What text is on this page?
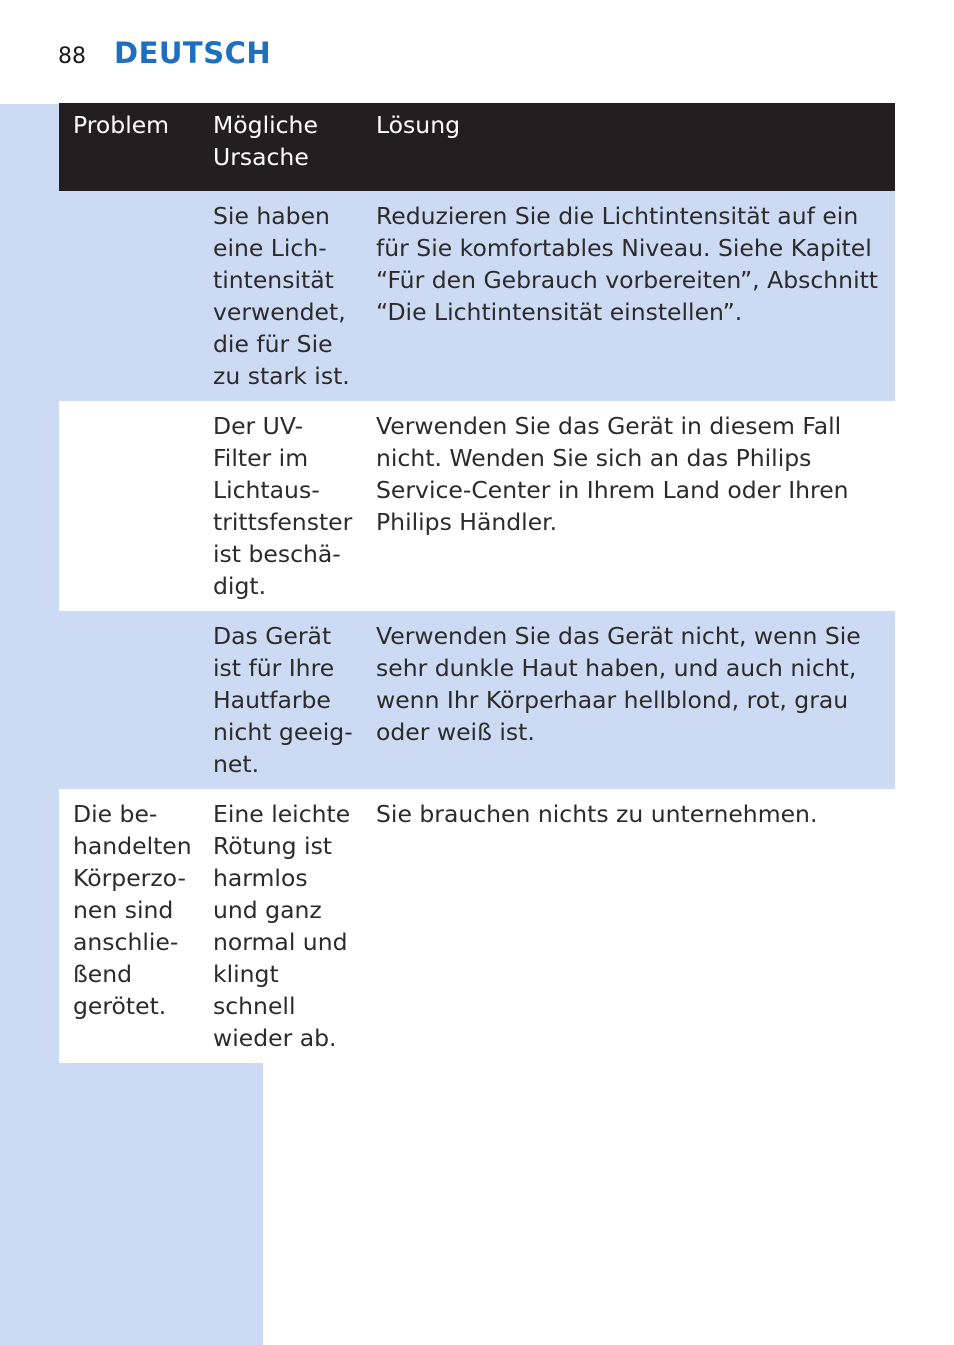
88 DEUTSCH
Problem	Mögliche Ursache	Lösung
	Sie haben eine Lich- tintensität verwendet, die für Sie zu stark ist.	Reduzieren Sie die Lichtintensität auf ein für Sie komfortables Niveau. Siehe Kapitel “Für den Gebrauch vorbereiten”, Abschnitt “Die Lichtintensität einstellen”.
	Der UV- Filter im Lichtaus- trittsfenster ist beschä- digt.	Verwenden Sie das Gerät in diesem Fall nicht. Wenden Sie sich an das Philips Service-Center in Ihrem Land oder Ihren Philips Händler.
	Das Gerät ist für Ihre Hautfarbe nicht geeig- net.	Verwenden Sie das Gerät nicht, wenn Sie sehr dunkle Haut haben, und auch nicht, wenn Ihr Körperhaar hellblond, rot, grau oder weiß ist.
Die be- handelten Körperzo- nen sind anschlie- ßend gerötet.	Eine leichte Rötung ist harmlos und ganz normal und klingt schnell wieder ab.	Sie brauchen nichts zu unternehmen.
